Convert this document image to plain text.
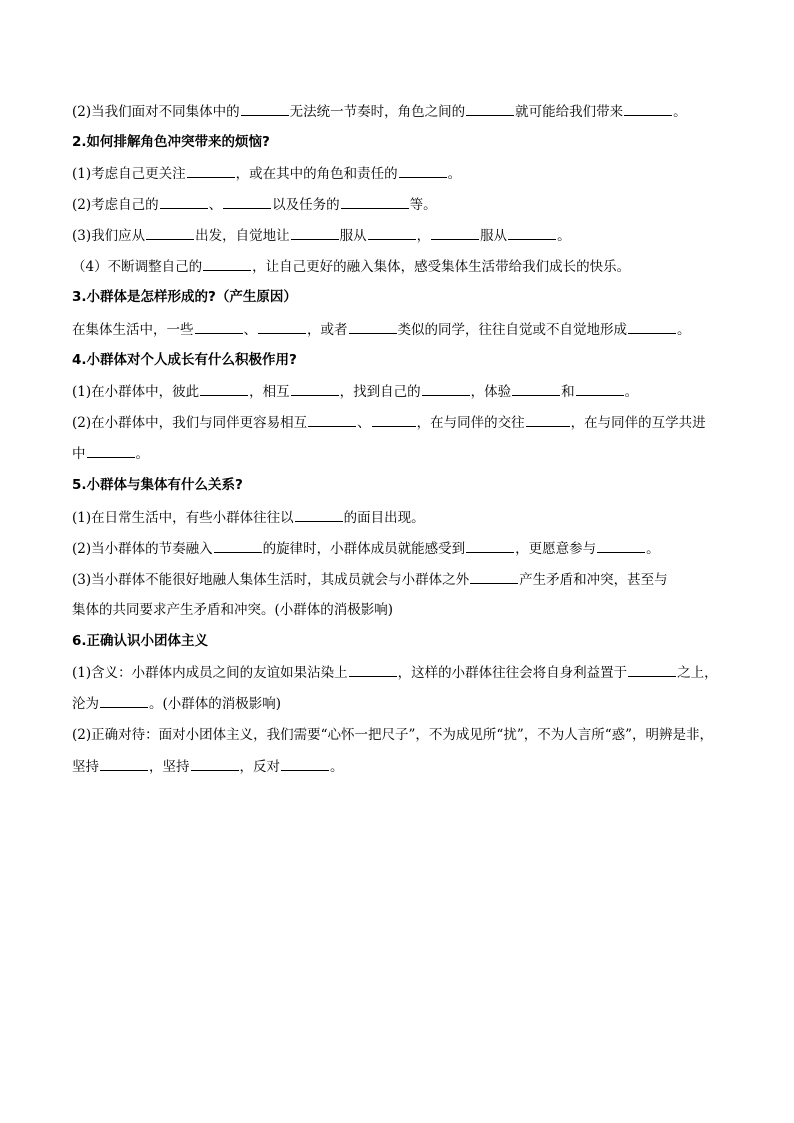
(2)当我们面对不同集体中的	无法统一节奏时，角色之间的	就可能给我们带来	。
2.如何排解角色冲突带来的烦恼?
(1)考虑自己更关注	，或在其中的角色和责任的	。
(2)考虑自己的	、	以及任务的	等。
(3)我们应从	出发，自觉地让	服从	，	服从	。
（4）不断调整自己的	，让自己更好的融入集体，感受集体生活带给我们成长的快乐。
3.小群体是怎样形成的?（产生原因）
在集体生活中，一些	、	，或者	类似的同学，往往自觉或不自觉地形成	。
4.小群体对个人成长有什么积极作用?
(1)在小群体中，彼此	，相互	，找到自己的	，体验	和	。
(2)在小群体中，我们与同伴更容易相互	、	，在与同伴的交往	，在与同伴的互学共进
中	。
5.小群体与集体有什么关系?
(1)在日常生活中，有些小群体往往以	的面目出现。
(2)当小群体的节奏融入	的旋律时，小群体成员就能感受到	，更愿意参与	。
(3)当小群体不能很好地融人集体生活时，其成员就会与小群体之外	产生矛盾和冲突，甚至与
集体的共同要求产生矛盾和冲突。(小群体的消极影响)
6.正确认识小团体主义
(1)含义：小群体内成员之间的友谊如果沾染上	，这样的小群体往往会将自身利益置于	之上，
沦为	。(小群体的消极影响)
(2)正确对待：面对小团体主义，我们需要“心怀一把尺子”，不为成见所“扰”，不为人言所“惑”，明辨是非，
坚持	，坚持	，反对	。
